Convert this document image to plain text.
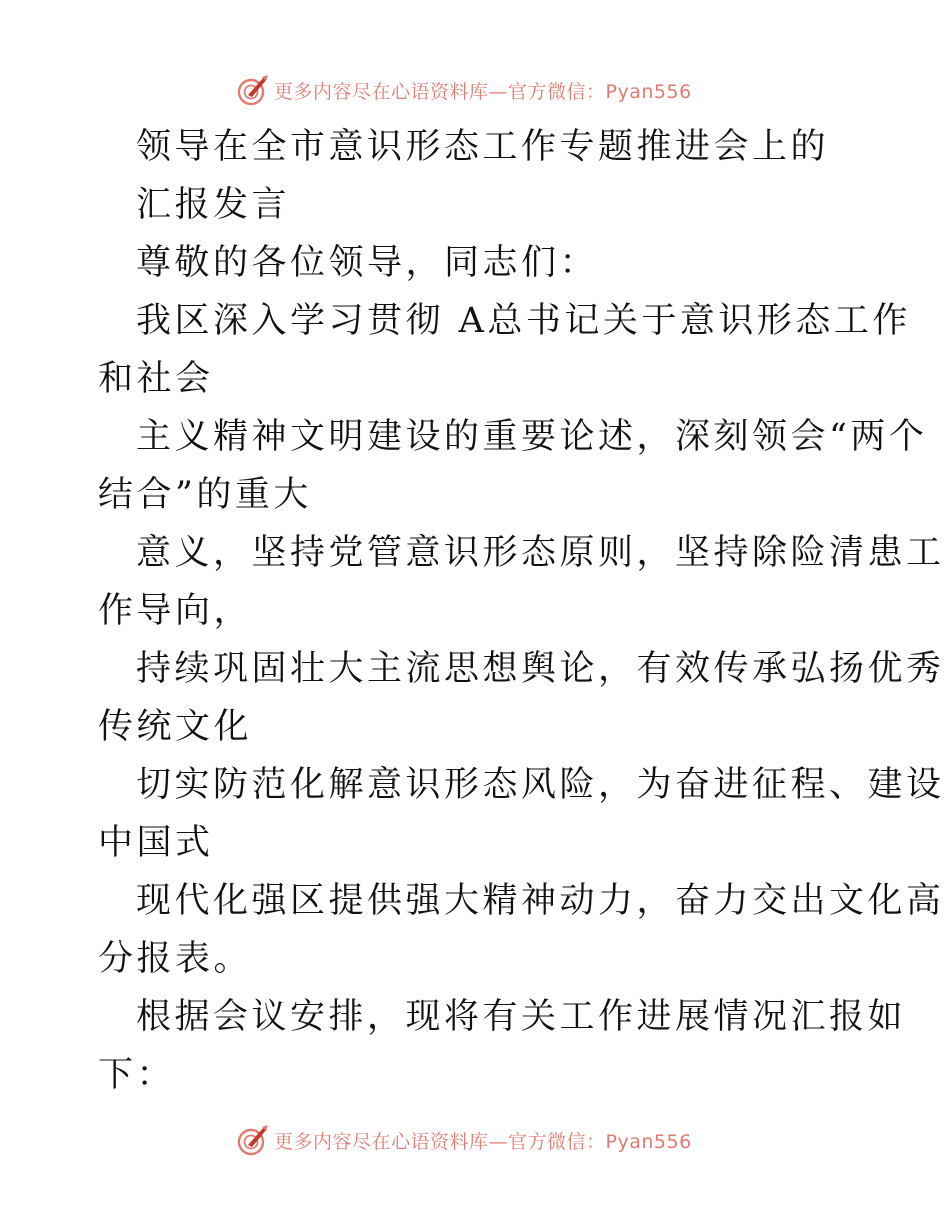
更多内容尽在心语资料库—官方微信：Pyan556
领导在全市意识形态工作专题推进会上的
汇报发言
尊敬的各位领导，同志们：
我区深入学习贯彻 A总书记关于意识形态工作
和社会
主义精神文明建设的重要论述，深刻领会“两个
结合”的重大
意义，坚持党管意识形态原则，坚持除险清患工
作导向，
持续巩固壮大主流思想舆论，有效传承弘扬优秀
传统文化
切实防范化解意识形态风险，为奋进征程、建设
中国式
现代化强区提供强大精神动力，奋力交出文化高
分报表。
根据会议安排，现将有关工作进展情况汇报如
下：
更多内容尽在心语资料库—官方微信：Pyan556
